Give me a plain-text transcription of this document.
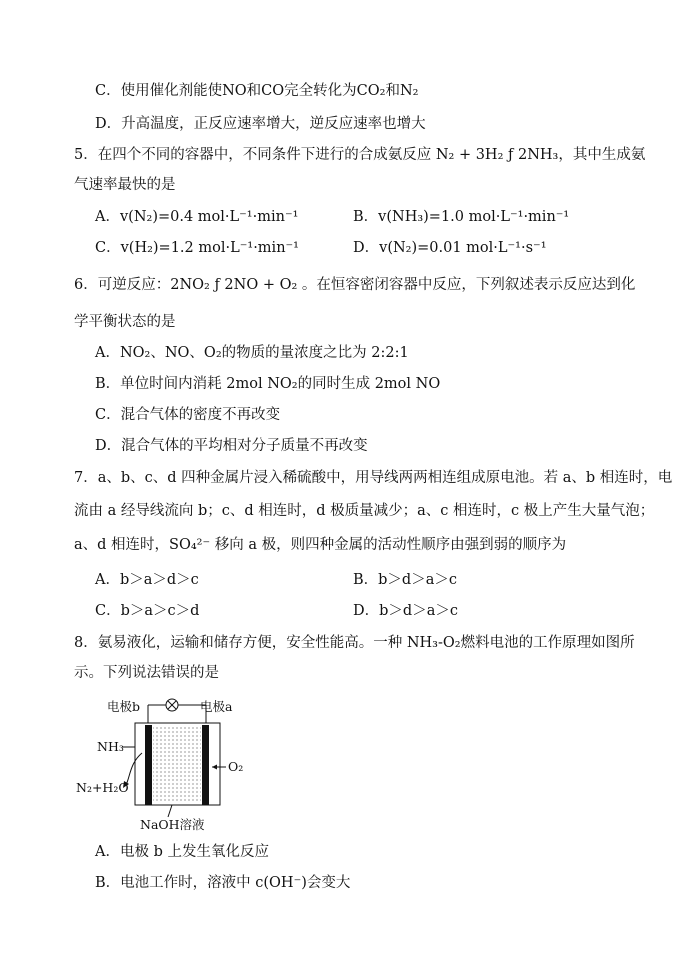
C．使用催化剂能使NO和CO完全转化为CO₂和N₂
D．升高温度，正反应速率增大，逆反应速率也增大
5．在四个不同的容器中，不同条件下进行的合成氨反应 N₂ + 3H₂ ƒ 2NH₃，其中生成氨
气速率最快的是
A．v(N₂)=0.4 mol·L⁻¹·min⁻¹	B．v(NH₃)=1.0 mol·L⁻¹·min⁻¹
C．v(H₂)=1.2 mol·L⁻¹·min⁻¹	D．v(N₂)=0.01 mol·L⁻¹·s⁻¹
6．可逆反应：2NO₂ ƒ 2NO + O₂ 。在恒容密闭容器中反应，下列叙述表示反应达到化
学平衡状态的是
A．NO₂、NO、O₂的物质的量浓度之比为 2:2:1
B．单位时间内消耗 2mol NO₂的同时生成 2mol NO
C．混合气体的密度不再改变
D．混合气体的平均相对分子质量不再改变
7．a、b、c、d 四种金属片浸入稀硫酸中，用导线两两相连组成原电池。若 a、b 相连时，电
流由 a 经导线流向 b；c、d 相连时，d 极质量减少；a、c 相连时，c 极上产生大量气泡；
a、d 相连时，SO₄²⁻ 移向 a 极，则四种金属的活动性顺序由强到弱的顺序为
A．b＞a＞d＞c	B．b＞d＞a＞c
C．b＞a＞c＞d	D．b＞d＞a＞c
8．氨易液化，运输和储存方便，安全性能高。一种 NH₃-O₂燃料电池的工作原理如图所
示。下列说法错误的是
电极b	电极a
NH₃
N₂+H₂O
O₂
NaOH溶液
A．电极 b 上发生氧化反应
B．电池工作时，溶液中 c(OH⁻)会变大
